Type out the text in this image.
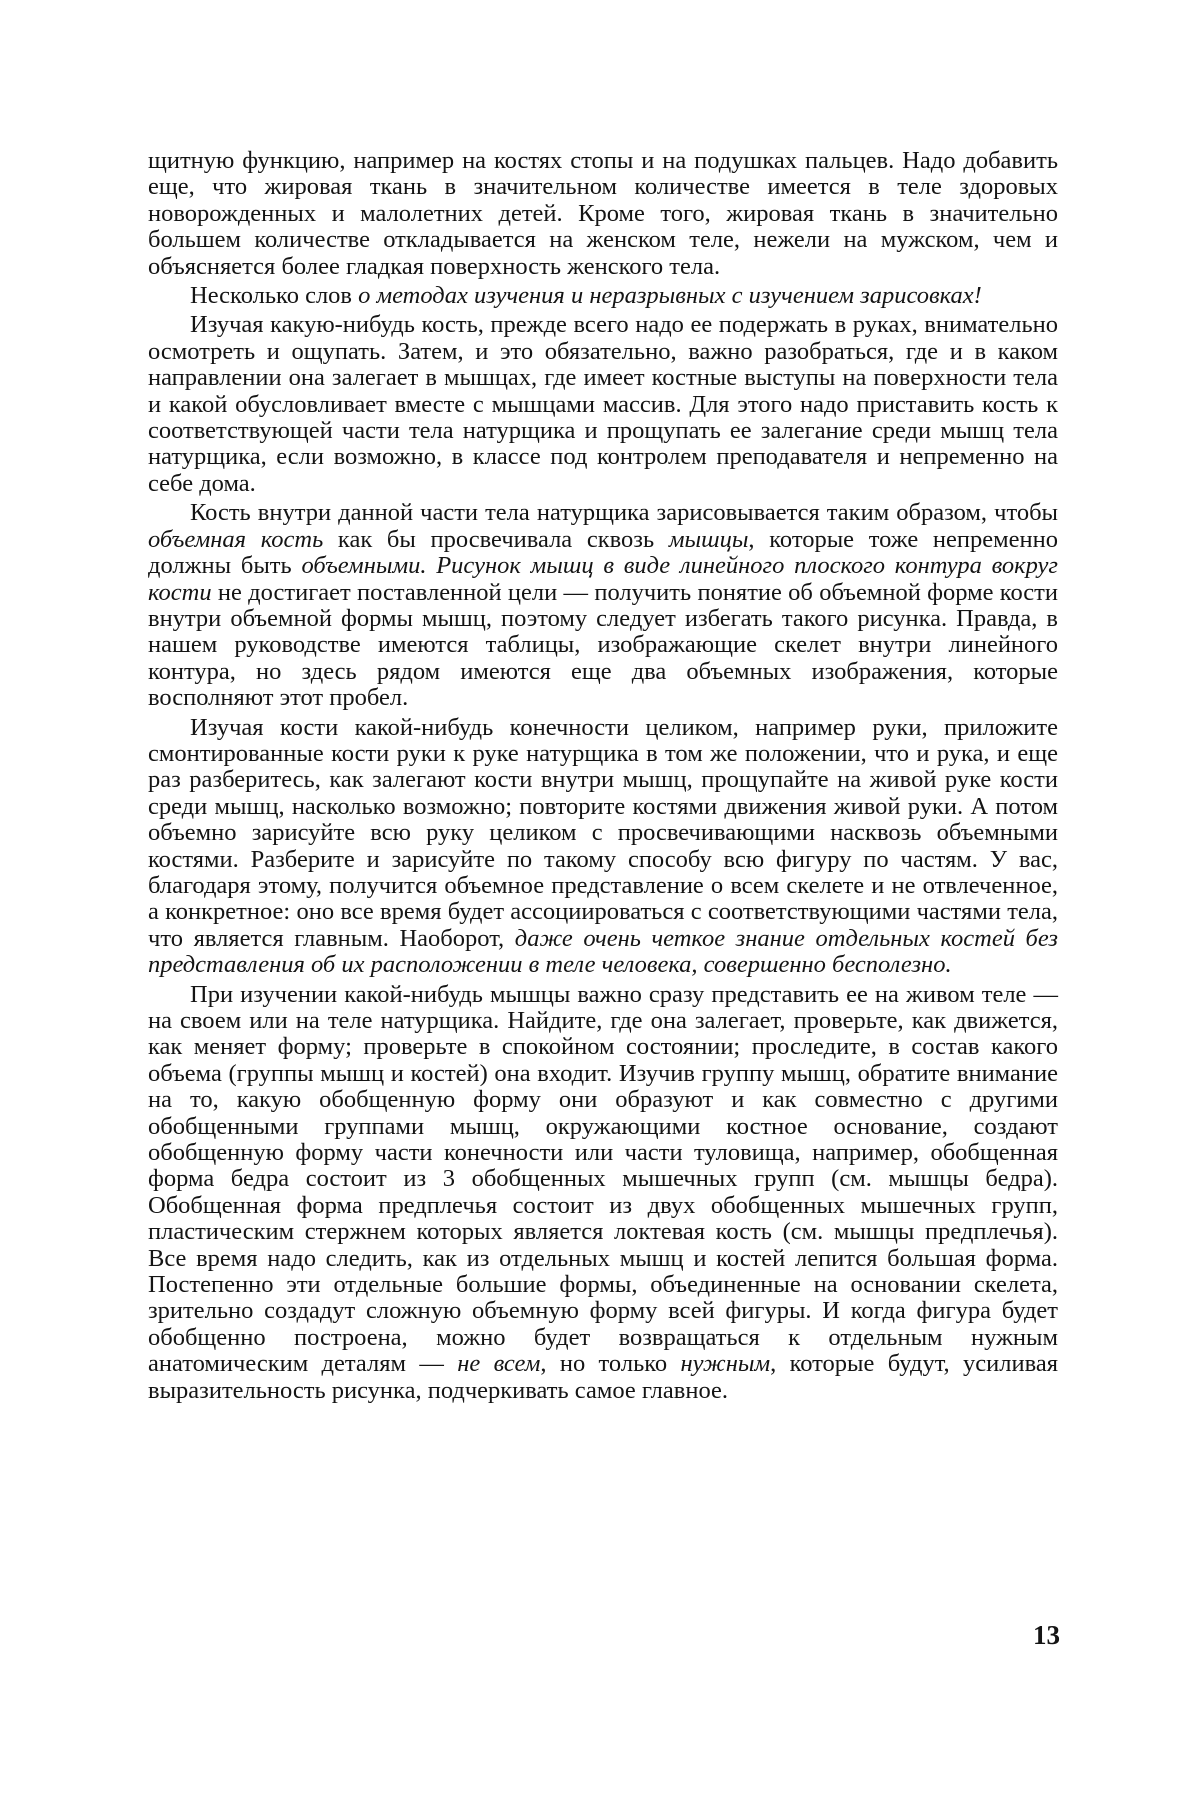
щитную функцию, например на костях стопы и на подушках пальцев. Надо добавить еще, что жировая ткань в значительном количестве имеется в теле здоровых новорожденных и малолетних детей. Кроме того, жировая ткань в значительно большем количестве откладывается на женском теле, нежели на мужском, чем и объясняется более гладкая поверхность женского тела.

Несколько слов о методах изучения и неразрывных с изучением зарисовках!

Изучая какую-нибудь кость, прежде всего надо ее подержать в руках, внимательно осмотреть и ощупать. Затем, и это обязательно, важно разобраться, где и в каком направлении она залегает в мышцах, где имеет костные выступы на поверхности тела и какой обусловливает вместе с мышцами массив. Для этого надо приставить кость к соответствующей части тела натурщика и прощупать ее залегание среди мышц тела натурщика, если возможно, в классе под контролем преподавателя и непременно на себе дома.

Кость внутри данной части тела натурщика зарисовывается таким образом, чтобы объемная кость как бы просвечивала сквозь мышцы, которые тоже непременно должны быть объемными. Рисунок мышц в виде линейного плоского контура вокруг кости не достигает поставленной цели — получить понятие об объемной форме кости внутри объемной формы мышц, поэтому следует избегать такого рисунка. Правда, в нашем руководстве имеются таблицы, изображающие скелет внутри линейного контура, но здесь рядом имеются еще два объемных изображения, которые восполняют этот пробел.

Изучая кости какой-нибудь конечности целиком, например руки, приложите смонтированные кости руки к руке натурщика в том же положении, что и рука, и еще раз разберитесь, как залегают кости внутри мышц, прощупайте на живой руке кости среди мышц, насколько возможно; повторите костями движения живой руки. А потом объемно зарисуйте всю руку целиком с просвечивающими насквозь объемными костями. Разберите и зарисуйте по такому способу всю фигуру по частям. У вас, благодаря этому, получится объемное представление о всем скелете и не отвлеченное, а конкретное: оно все время будет ассоциироваться с соответствующими частями тела, что является главным. Наоборот, даже очень четкое знание отдельных костей без представления об их расположении в теле человека, совершенно бесполезно.

При изучении какой-нибудь мышцы важно сразу представить ее на живом теле — на своем или на теле натурщика. Найдите, где она залегает, проверьте, как движется, как меняет форму; проверьте в спокойном состоянии; проследите, в состав какого объема (группы мышц и костей) она входит. Изучив группу мышц, обратите внимание на то, какую обобщенную форму они образуют и как совместно с другими обобщенными группами мышц, окружающими костное основание, создают обобщенную форму части конечности или части туловища, например, обобщенная форма бедра состоит из 3 обобщенных мышечных групп (см. мышцы бедра). Обобщенная форма предплечья состоит из двух обобщенных мышечных групп, пластическим стержнем которых является локтевая кость (см. мышцы предплечья). Все время надо следить, как из отдельных мышц и костей лепится большая форма. Постепенно эти отдельные большие формы, объединенные на основании скелета, зрительно создадут сложную объемную форму всей фигуры. И когда фигура будет обобщенно построена, можно будет возвращаться к отдельным нужным анатомическим деталям — не всем, но только нужным, которые будут, усиливая выразительность рисунка, подчеркивать самое главное.

13
